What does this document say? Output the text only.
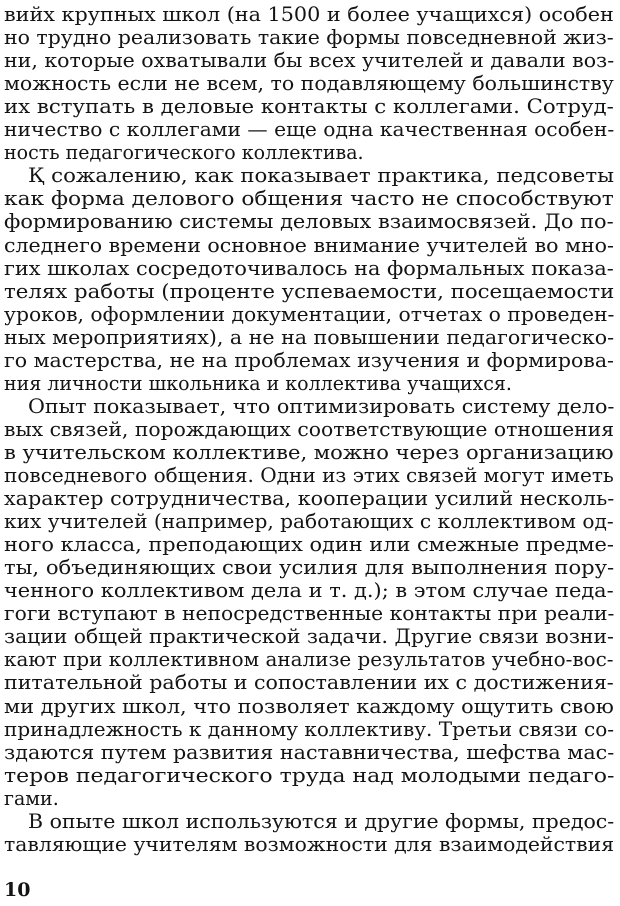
вийх крупных школ (на 1500 и более учащихся) особен
но трудно реализовать такие формы повседневной жиз-
ни, которые охватывали бы всех учителей и давали воз-
можность если не всем, то подавляющему большинству
их вступать в деловые контакты с коллегами. Сотруд-
ничество с коллегами — еще одна качественная особен-
ность педагогического коллектива.
Қ сожалению, как показывает практика, педсоветы
как форма делового общения часто не способствуют
формированию системы деловых взаимосвязей. До по-
следнего времени основное внимание учителей во мно-
гих школах сосредоточивалось на формальных показа-
телях работы (проценте успеваемости, посещаемости
уроков, оформлении документации, отчетах о проведен-
ных мероприятиях), а не на повышении педагогическо-
го мастерства, не на проблемах изучения и формирова-
ния личности школьника и коллектива учащихся.
Опыт показывает, что оптимизировать систему дело-
вых связей, порождающих соответствующие отношения
в учительском коллективе, можно через организацию
повседневого общения. Одни из этих связей могут иметь
характер сотрудничества, кооперации усилий несколь-
ких учителей (например, работающих с коллективом од-
ного класса, преподающих один или смежные предме-
ты, объединяющих свои усилия для выполнения пору-
ченного коллективом дела и т. д.); в этом случае педа-
гоги вступают в непосредственные контакты при реали-
зации общей практической задачи. Другие связи возни-
кают при коллективном анализе результатов учебно-вос-
питательной работы и сопоставлении их с достижения-
ми других школ, что позволяет каждому ощутить свою
принадлежность к данному коллективу. Третьи связи со-
здаются путем развития наставничества, шефства мас-
теров педагогического труда над молодыми педаго-
гами.
В опыте школ используются и другие формы, предос-
тавляющие учителям возможности для взаимодействия
10
